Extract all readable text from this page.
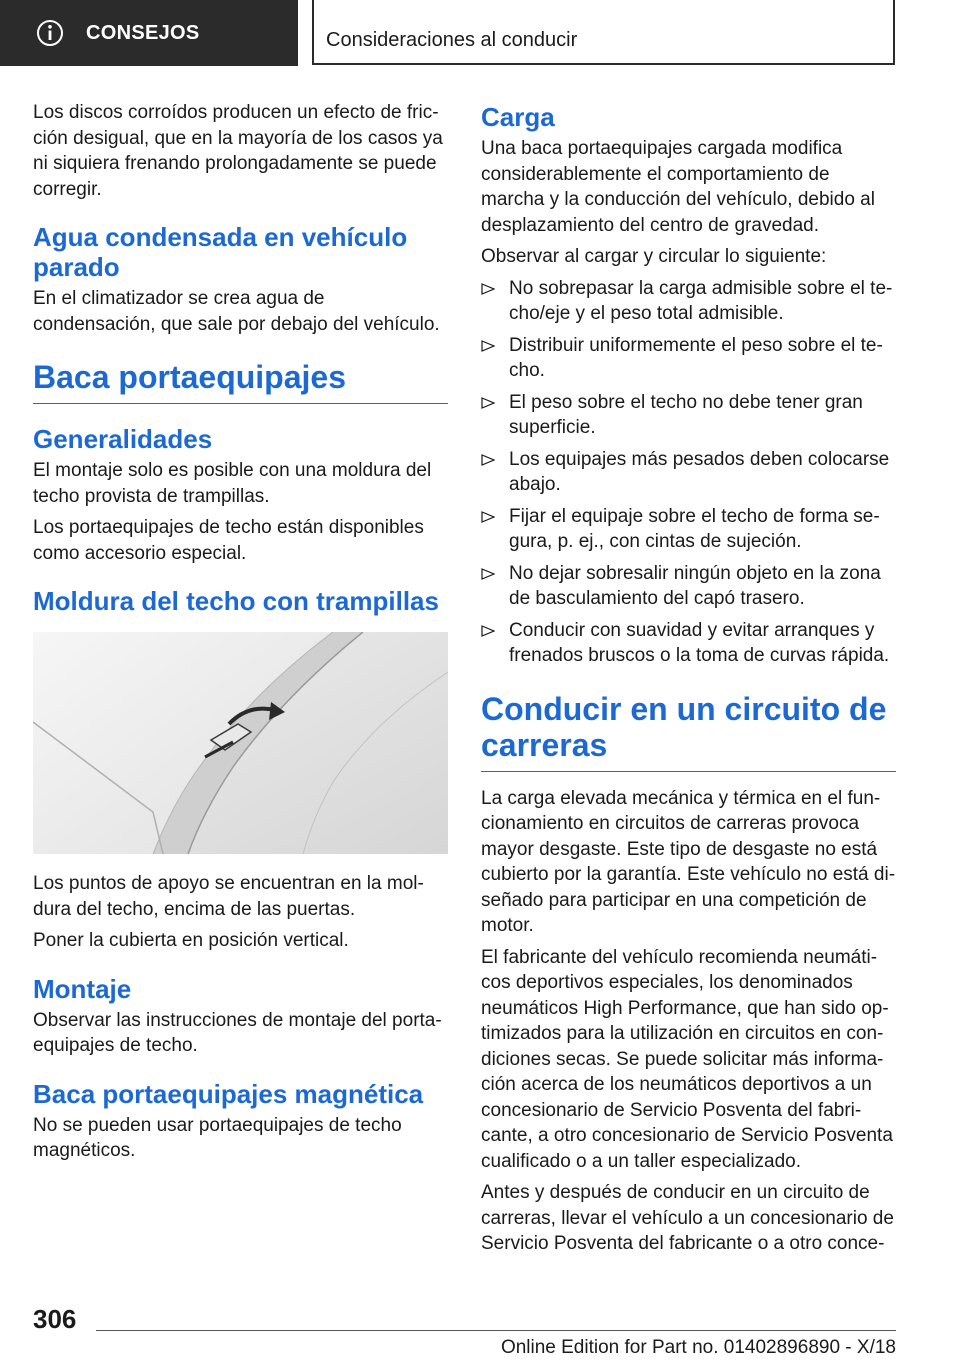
CONSEJOS	Consideraciones al conducir

Los discos corroídos producen un efecto de fricción desigual, que en la mayoría de los casos ya ni siquiera frenando prolongadamente se puede corregir.

Agua condensada en vehículo parado

En el climatizador se crea agua de condensación, que sale por debajo del vehículo.

Baca portaequipajes
Generalidades

El montaje solo es posible con una moldura del techo provista de trampillas.

Los portaequipajes de techo están disponibles como accesorio especial.

Moldura del techo con trampillas

Los puntos de apoyo se encuentran en la moldura del techo, encima de las puertas.

Poner la cubierta en posición vertical.

Montaje

Observar las instrucciones de montaje del portaequipajes de techo.

Baca portaequipajes magnética

No se pueden usar portaequipajes de techo magnéticos.

Carga

Una baca portaequipajes cargada modifica considerablemente el comportamiento de marcha y la conducción del vehículo, debido al desplazamiento del centro de gravedad.

Observar al cargar y circular lo siguiente:

No sobrepasar la carga admisible sobre el techo/eje y el peso total admisible.
Distribuir uniformemente el peso sobre el techo.
El peso sobre el techo no debe tener gran superficie.
Los equipajes más pesados deben colocarse abajo.
Fijar el equipaje sobre el techo de forma segura, p. ej., con cintas de sujeción.
No dejar sobresalir ningún objeto en la zona de basculamiento del capó trasero.
Conducir con suavidad y evitar arranques y frenados bruscos o la toma de curvas rápida.
Conducir en un circuito de carreras

La carga elevada mecánica y térmica en el funcionamiento en circuitos de carreras provoca mayor desgaste. Este tipo de desgaste no está cubierto por la garantía. Este vehículo no está diseñado para participar en una competición de motor.

El fabricante del vehículo recomienda neumáticos deportivos especiales, los denominados neumáticos High Performance, que han sido optimizados para la utilización en circuitos en condiciones secas. Se puede solicitar más información acerca de los neumáticos deportivos a un concesionario de Servicio Posventa del fabricante, a otro concesionario de Servicio Posventa cualificado o a un taller especializado.

Antes y después de conducir en un circuito de carreras, llevar el vehículo a un concesionario de Servicio Posventa del fabricante o a otro conce-

306
Online Edition for Part no. 01402896890 - X/18
